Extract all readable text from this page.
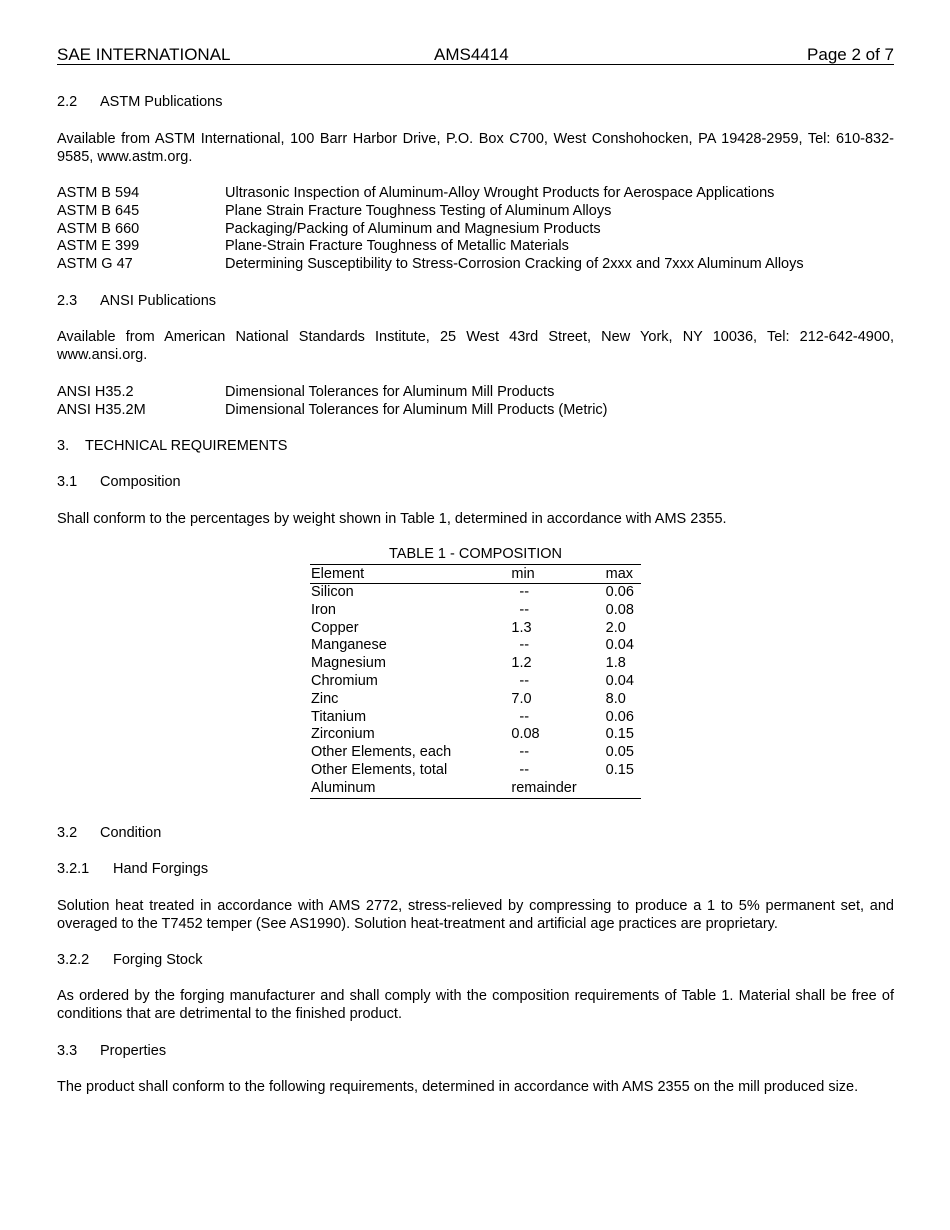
SAE INTERNATIONAL	AMS4414	Page 2 of 7
2.2 ASTM Publications
Available from ASTM International, 100 Barr Harbor Drive, P.O. Box C700, West Conshohocken, PA 19428-2959, Tel: 610-832-9585, www.astm.org.
ASTM B 594	Ultrasonic Inspection of Aluminum-Alloy Wrought Products for Aerospace Applications
ASTM B 645	Plane Strain Fracture Toughness Testing of Aluminum Alloys
ASTM B 660	Packaging/Packing of Aluminum and Magnesium Products
ASTM E 399	Plane-Strain Fracture Toughness of Metallic Materials
ASTM G 47	Determining Susceptibility to Stress-Corrosion Cracking of 2xxx and 7xxx Aluminum Alloys
2.3 ANSI Publications
Available from American National Standards Institute, 25 West 43rd Street, New York, NY 10036, Tel: 212-642-4900, www.ansi.org.
ANSI H35.2	Dimensional Tolerances for Aluminum Mill Products
ANSI H35.2M	Dimensional Tolerances for Aluminum Mill Products (Metric)
3. TECHNICAL REQUIREMENTS
3.1 Composition
Shall conform to the percentages by weight shown in Table 1, determined in accordance with AMS 2355.
TABLE 1 - COMPOSITION
Element	min	max
Silicon	--	0.06
Iron	--	0.08
Copper	1.3	2.0
Manganese	--	0.04
Magnesium	1.2	1.8
Chromium	--	0.04
Zinc	7.0	8.0
Titanium	--	0.06
Zirconium	0.08	0.15
Other Elements, each	--	0.05
Other Elements, total	--	0.15
Aluminum	remainder	
3.2 Condition
3.2.1 Hand Forgings
Solution heat treated in accordance with AMS 2772, stress-relieved by compressing to produce a 1 to 5% permanent set, and overaged to the T7452 temper (See AS1990). Solution heat-treatment and artificial age practices are proprietary.
3.2.2 Forging Stock
As ordered by the forging manufacturer and shall comply with the composition requirements of Table 1. Material shall be free of conditions that are detrimental to the finished product.
3.3 Properties
The product shall conform to the following requirements, determined in accordance with AMS 2355 on the mill produced size.
